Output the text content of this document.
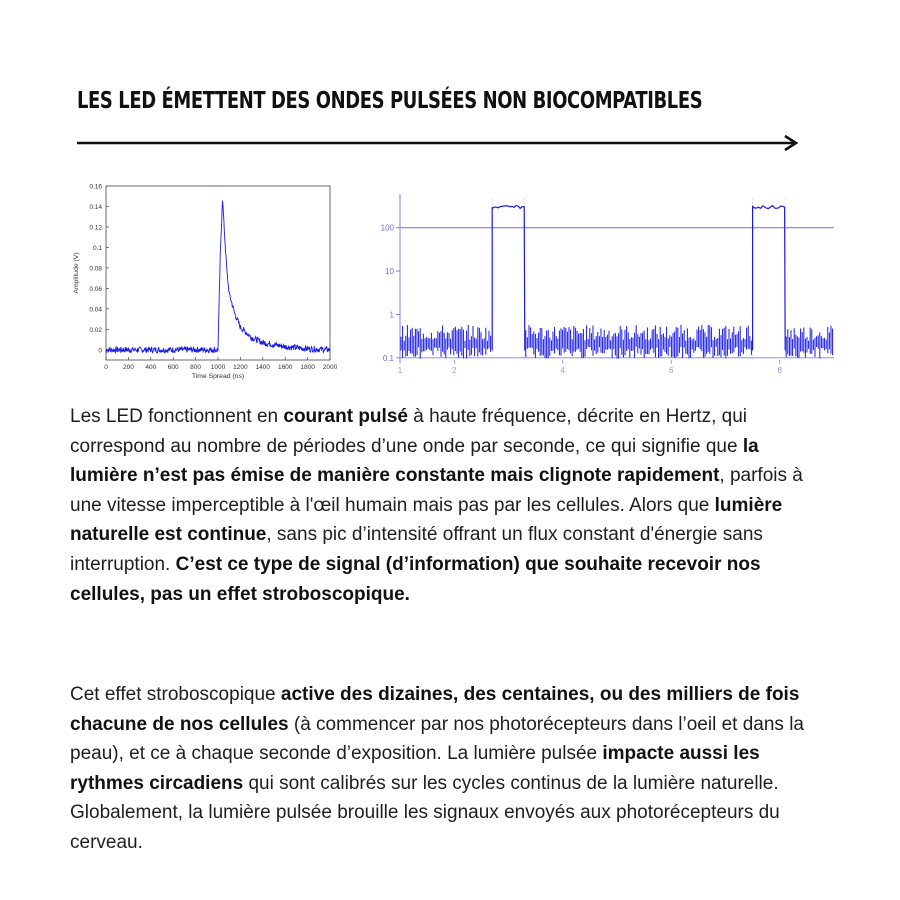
LES LED ÉMETTENT DES ONDES PULSÉES NON BIOCOMPATIBLES
0.16
0.14
0.12
0.1
0.08
0.06
0.04
0.02
0
0 200 400 600 800 1000 1200 1400 1600 1800 2000
Time Spread (ns)
Amplitude (V)
100
10
1
0.1
1	2	4	6	8
Les LED fonctionnent en courant pulsé à haute fréquence, décrite en Hertz, qui correspond au nombre de périodes d’une onde par seconde, ce qui signifie que la lumière n’est pas émise de manière constante mais clignote rapidement, parfois à une vitesse imperceptible à l'œil humain mais pas par les cellules. Alors que lumière naturelle est continue, sans pic d’intensité offrant un flux constant d'énergie sans interruption. C’est ce type de signal (d’information) que souhaite recevoir nos cellules, pas un effet stroboscopique.
Cet effet stroboscopique active des dizaines, des centaines, ou des milliers de fois chacune de nos cellules (à commencer par nos photorécepteurs dans l’oeil et dans la peau), et ce à chaque seconde d’exposition. La lumière pulsée impacte aussi les rythmes circadiens qui sont calibrés sur les cycles continus de la lumière naturelle. Globalement, la lumière pulsée brouille les signaux envoyés aux photorécepteurs du cerveau.
